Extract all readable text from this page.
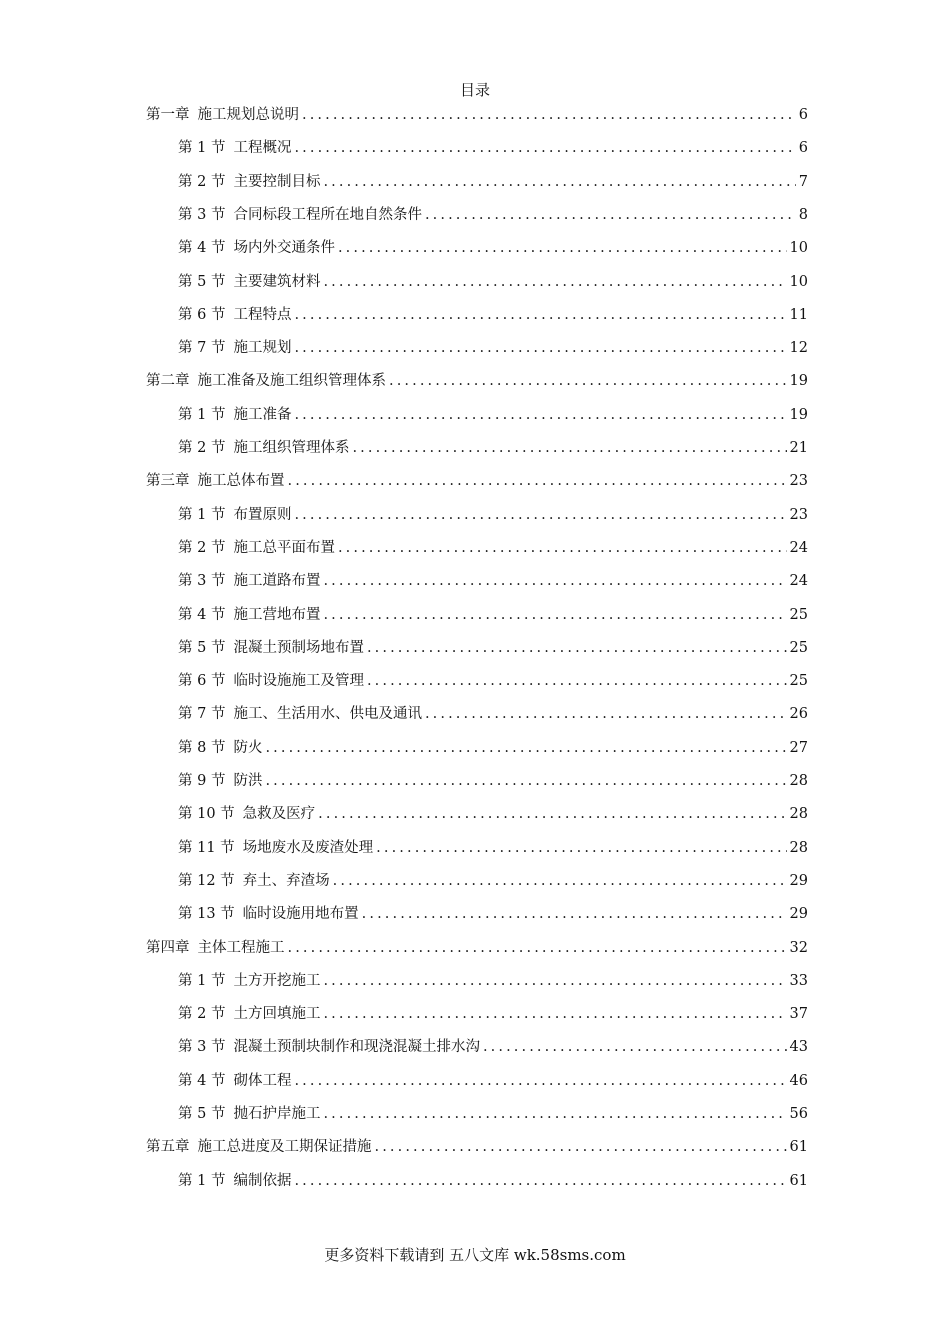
目录
第一章 施工规划总说明 .....	6
第 1 节 工程概况 .....	6
第 2 节 主要控制目标 .....	7
第 3 节 合同标段工程所在地自然条件 .....	8
第 4 节 场内外交通条件 .....	10
第 5 节 主要建筑材料 .....	10
第 6 节 工程特点 .....	11
第 7 节 施工规划 .....	12
第二章 施工准备及施工组织管理体系 .....	19
第 1 节 施工准备 .....	19
第 2 节 施工组织管理体系 .....	21
第三章 施工总体布置 .....	23
第 1 节 布置原则 .....	23
第 2 节 施工总平面布置 .....	24
第 3 节 施工道路布置 .....	24
第 4 节 施工营地布置 .....	25
第 5 节 混凝土预制场地布置 .....	25
第 6 节 临时设施施工及管理 .....	25
第 7 节 施工、生活用水、供电及通讯 .....	26
第 8 节 防火 .....	27
第 9 节 防洪 .....	28
第 10 节 急救及医疗 .....	28
第 11 节 场地废水及废渣处理 .....	28
第 12 节 弃土、弃渣场 .....	29
第 13 节 临时设施用地布置 .....	29
第四章 主体工程施工 .....	32
第 1 节 土方开挖施工 .....	33
第 2 节 土方回填施工 .....	37
第 3 节 混凝土预制块制作和现浇混凝土排水沟 .....	43
第 4 节 砌体工程 .....	46
第 5 节 抛石护岸施工 .....	56
第五章 施工总进度及工期保证措施 .....	61
第 1 节 编制依据 .....	61
更多资料下载请到 五八文库 wk.58sms.com
